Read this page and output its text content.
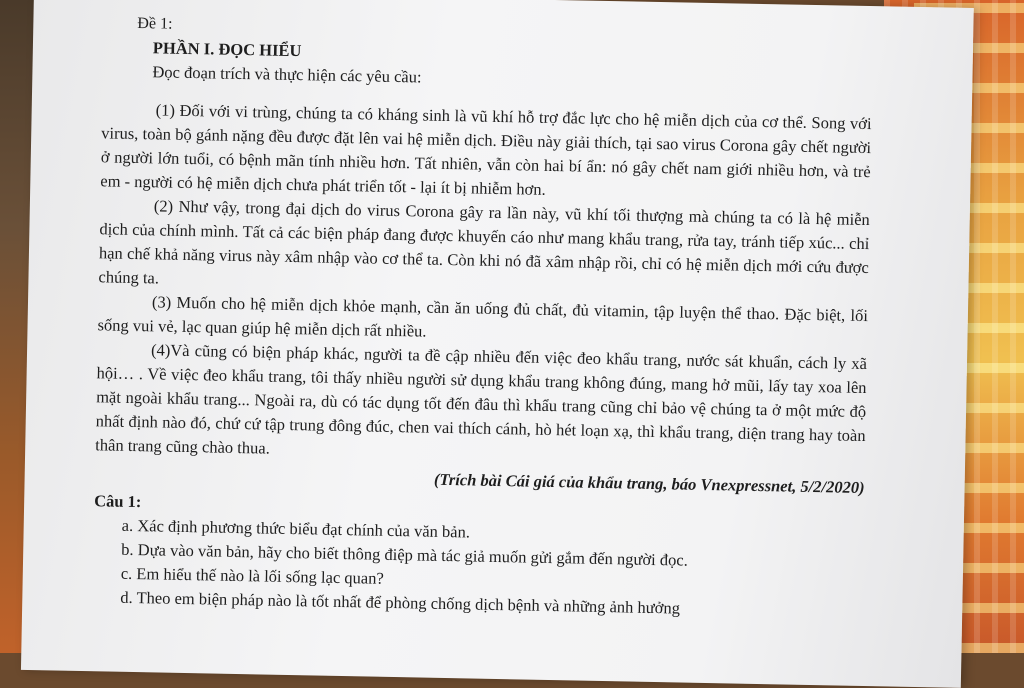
Đề 1:
PHẦN I. ĐỌC HIỂU
Đọc đoạn trích và thực hiện các yêu cầu:

(1) Đối với vi trùng, chúng ta có kháng sinh là vũ khí hỗ trợ đắc lực cho hệ miễn dịch của cơ thể. Song với virus, toàn bộ gánh nặng đều được đặt lên vai hệ miễn dịch. Điều này giải thích, tại sao virus Corona gây chết người ở người lớn tuổi, có bệnh mãn tính nhiều hơn. Tất nhiên, vẫn còn hai bí ẩn: nó gây chết nam giới nhiều hơn, và trẻ em - người có hệ miễn dịch chưa phát triển tốt - lại ít bị nhiễm hơn.

(2) Như vậy, trong đại dịch do virus Corona gây ra lần này, vũ khí tối thượng mà chúng ta có là hệ miễn dịch của chính mình. Tất cả các biện pháp đang được khuyến cáo như mang khẩu trang, rửa tay, tránh tiếp xúc... chỉ hạn chế khả năng virus này xâm nhập vào cơ thể ta. Còn khi nó đã xâm nhập rồi, chỉ có hệ miễn dịch mới cứu được chúng ta.

(3) Muốn cho hệ miễn dịch khỏe mạnh, cần ăn uống đủ chất, đủ vitamin, tập luyện thể thao. Đặc biệt, lối sống vui vẻ, lạc quan giúp hệ miễn dịch rất nhiều.

(4)Và cũng có biện pháp khác, người ta đề cập nhiều đến việc đeo khẩu trang, nước sát khuẩn, cách ly xã hội… . Về việc đeo khẩu trang, tôi thấy nhiều người sử dụng khẩu trang không đúng, mang hở mũi, lấy tay xoa lên mặt ngoài khẩu trang... Ngoài ra, dù có tác dụng tốt đến đâu thì khẩu trang cũng chỉ bảo vệ chúng ta ở một mức độ nhất định nào đó, chứ cứ tập trung đông đúc, chen vai thích cánh, hò hét loạn xạ, thì khẩu trang, diện trang hay toàn thân trang cũng chào thua.

(Trích bài Cái giá của khẩu trang, báo Vnexpressnet, 5/2/2020)
Câu 1:
a. Xác định phương thức biểu đạt chính của văn bản.
b. Dựa vào văn bản, hãy cho biết thông điệp mà tác giả muốn gửi gắm đến người đọc.
c. Em hiểu thế nào là lối sống lạc quan?
d. Theo em biện pháp nào là tốt nhất để phòng chống dịch bệnh và những ảnh hưởng
